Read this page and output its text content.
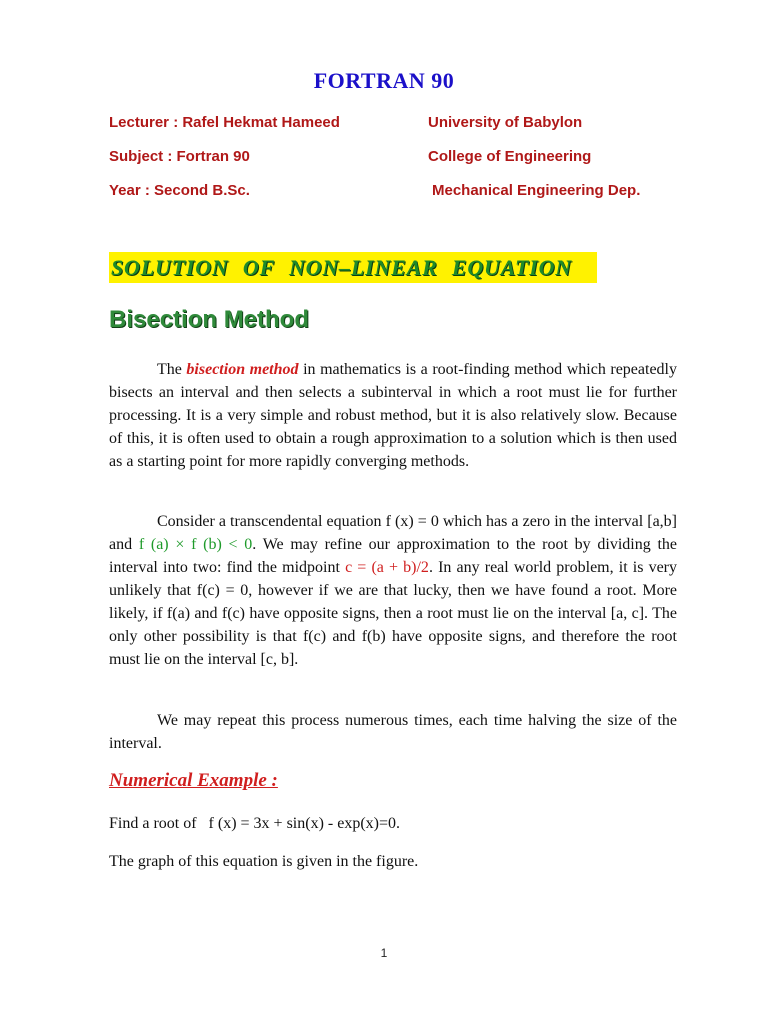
FORTRAN 90
Lecturer : Rafel Hekmat Hameed	University of Babylon
Subject : Fortran 90	College of Engineering
Year : Second B.Sc.	Mechanical Engineering Dep.
SOLUTION OF NON–LINEAR EQUATION
Bisection Method
The bisection method in mathematics is a root-finding method which repeatedly bisects an interval and then selects a subinterval in which a root must lie for further processing. It is a very simple and robust method, but it is also relatively slow. Because of this, it is often used to obtain a rough approximation to a solution which is then used as a starting point for more rapidly converging methods.
Consider a transcendental equation f (x) = 0 which has a zero in the interval [a,b] and f (a) × f (b) < 0. We may refine our approximation to the root by dividing the interval into two: find the midpoint c = (a + b)/2. In any real world problem, it is very unlikely that f(c) = 0, however if we are that lucky, then we have found a root. More likely, if f(a) and f(c) have opposite signs, then a root must lie on the interval [a, c]. The only other possibility is that f(c) and f(b) have opposite signs, and therefore the root must lie on the interval [c, b].
We may repeat this process numerous times, each time halving the size of the interval.
Numerical Example :
Find a root of   f (x) = 3x + sin(x) - exp(x)=0.
The graph of this equation is given in the figure.
1
